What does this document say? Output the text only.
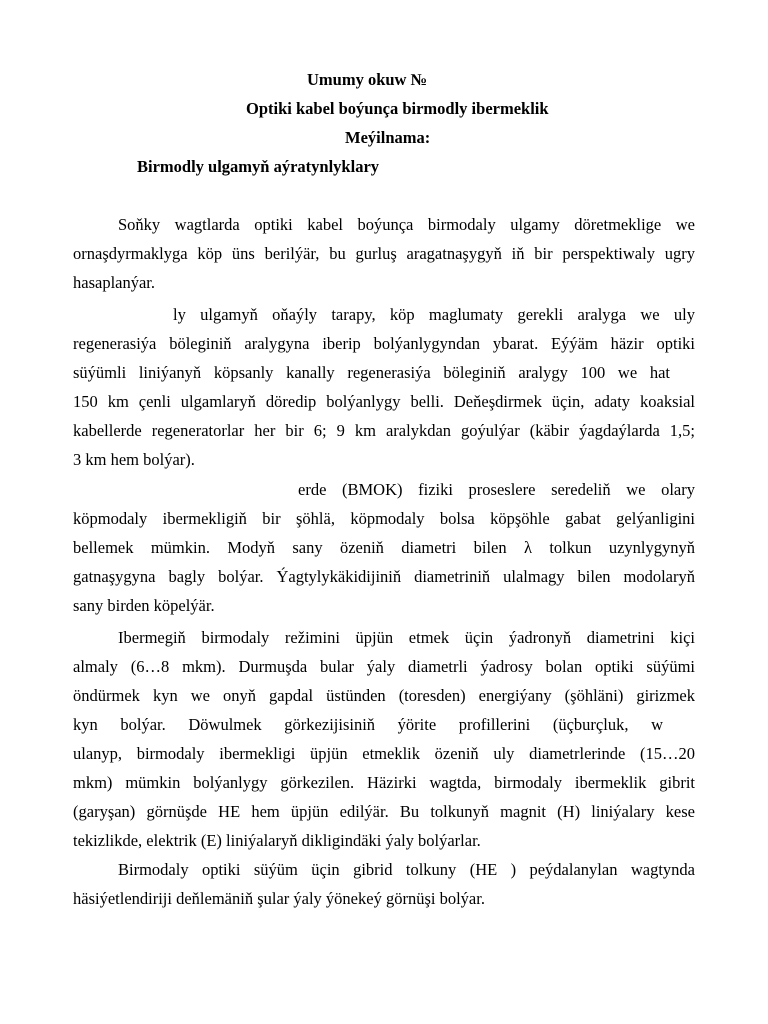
Umumy okuw №

Optiki kabel boýunça birmodly ibermeklik

Meýilnama:

Birmodly ulgamyň aýratynlyklary

Soňky wagtlarda optiki kabel boýunça birmodaly ulgamy döretmeklige we

ornaşdyrmaklyga köp üns berilýär, bu gurluş aragatnaşygyň iň bir perspektiwaly ugry

hasaplanýar.

ly ulgamyň oňaýly tarapy, köp maglumaty gerekli aralyga we uly

regenerasiýa böleginiň aralygyna iberip bolýanlygyndan ybarat. Eýýäm häzir optiki

süýümli liniýanyň köpsanly kanally regenerasiýa böleginiň aralygy 100 we hat

150 km çenli ulgamlaryň döredip bolýanlygy belli. Deňeşdirmek üçin, adaty koaksial

kabellerde regeneratorlar her bir 6; 9 km aralykdan goýulýar (käbir ýagdaýlarda 1,5;

3 km hem bolýar).

erde (BMOK) fiziki proseslere seredeliň we olary

köpmodaly ibermekligiň bir şöhlä, köpmodaly bolsa köpşöhle gabat gelýanligini

bellemek mümkin. Modyň sany özeniň diametri bilen λ tolkun uzynlygynyň

gatnaşygyna bagly bolýar. Ýagtylykäkidijiniň diametriniň ulalmagy bilen modolaryň

sany birden köpelýär.

Ibermegiň birmodaly režimini üpjün etmek üçin ýadronyň diametrini kiçi

almaly (6…8 mkm). Durmuşda bular ýaly diametrli ýadrosy bolan optiki süýümi

öndürmek kyn we onyň gapdal üstünden (toresden) energiýany (şöhläni) girizmek

kyn bolýar. Döwulmek görkezijisiniň ýörite profillerini (üçburçluk, w

ulanyp, birmodaly ibermekligi üpjün etmeklik özeniň uly diametrlerinde (15…20

mkm) mümkin bolýanlygy görkezilen. Häzirki wagtda, birmodaly ibermeklik gibrit

(garyşan) görnüşde HE hem üpjün edilýär. Bu tolkunyň magnit (H) liniýalary kese

tekizlikde, elektrik (E) liniýalaryň dikligindäki ýaly bolýarlar.

Birmodaly optiki süýüm üçin gibrid tolkuny (HE ) peýdalanylan wagtynda

häsiýetlendiriji deňlemäniň şular ýaly ýönekeý görnüşi bolýar.
